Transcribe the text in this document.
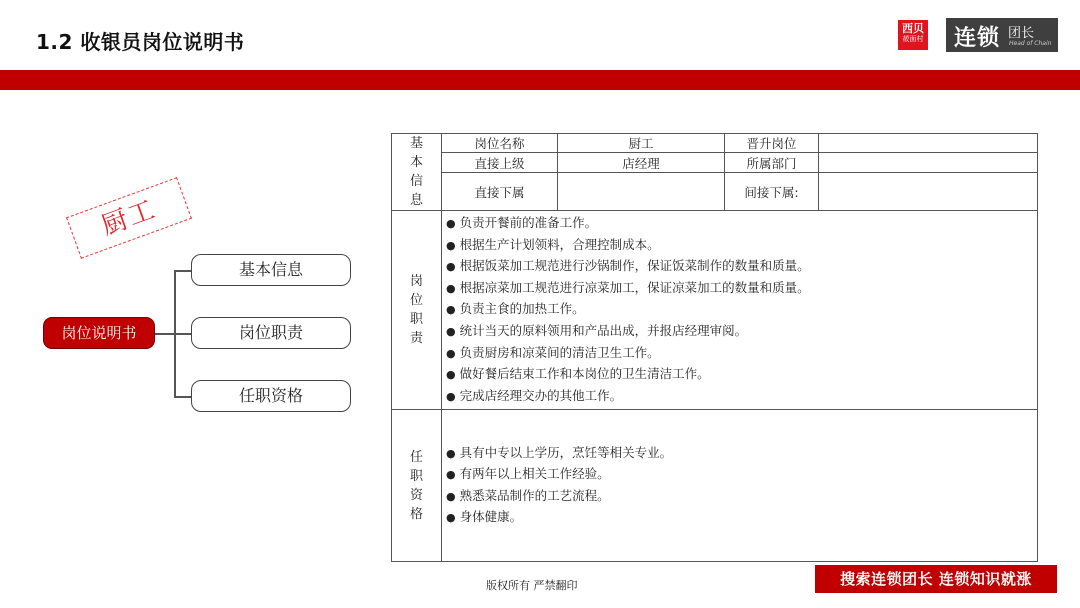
1.2 收银员岗位说明书
西贝
莜面村 连锁 团长
Head of Chain
厨工
岗位说明书
基本信息
岗位职责
任职资格
基
本
信
息	岗位名称	厨工	晋升岗位	
	直接上级	店经理	所属部门	
	直接下属		间接下属:	

岗
位
职
责

● 负责开餐前的准备工作。
● 根据生产计划领料，合理控制成本。
● 根据饭菜加工规范进行沙锅制作，保证饭菜制作的数量和质量。
● 根据凉菜加工规范进行凉菜加工，保证凉菜加工的数量和质量。
● 负责主食的加热工作。
● 统计当天的原料领用和产品出成，并报店经理审阅。
● 负责厨房和凉菜间的清洁卫生工作。
● 做好餐后结束工作和本岗位的卫生清洁工作。
● 完成店经理交办的其他工作。

任
职
资
格

● 具有中专以上学历，烹饪等相关专业。
● 有两年以上相关工作经验。
● 熟悉菜品制作的工艺流程。
● 身体健康。
版权所有 严禁翻印	搜索连锁团长 连锁知识就涨
